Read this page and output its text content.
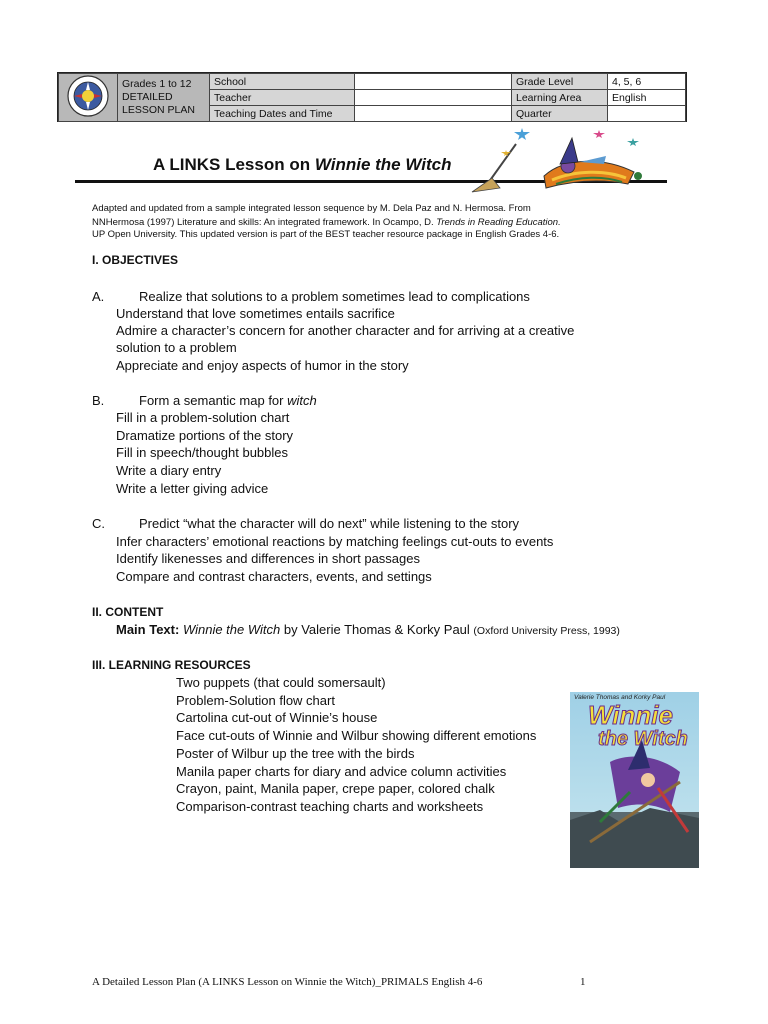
Grades 1 to 12
DETAILED
LESSON PLAN	School		Grade Level	4, 5, 6
		Teacher		Learning Area	English
		Teaching Dates and Time		Quarter	
A LINKS Lesson on Winnie the Witch
Adapted and updated from a sample integrated lesson sequence by M. Dela Paz and N. Hermosa. From
NNHermosa (1997) Literature and skills: An integrated framework. In Ocampo, D. Trends in Reading Education.
UP Open University. This updated version is part of the BEST teacher resource package in English Grades 4-6.
I. OBJECTIVES
A.	Realize that solutions to a problem sometimes lead to complications
Understand that love sometimes entails sacrifice
Admire a character’s concern for another character and for arriving at a creative
solution to a problem
Appreciate and enjoy aspects of humor in the story
B.	Form a semantic map for witch
Fill in a problem-solution chart
Dramatize portions of the story
Fill in speech/thought bubbles
Write a diary entry
Write a letter giving advice
C.	Predict “what the character will do next” while listening to the story
Infer characters’ emotional reactions by matching feelings cut-outs to events
Identify likenesses and differences in short passages
Compare and contrast characters, events, and settings
II. CONTENT
Main Text: Winnie the Witch by Valerie Thomas & Korky Paul (Oxford University Press, 1993)
III. LEARNING RESOURCES
Two puppets (that could somersault)
Problem-Solution flow chart
Cartolina cut-out of Winnie’s house
Face cut-outs of Winnie and Wilbur showing different emotions
Poster of Wilbur up the tree with the birds
Manila paper charts for diary and advice column activities
Crayon, paint, Manila paper, crepe paper, colored chalk
Comparison-contrast teaching charts and worksheets
Valerie Thomas and Korky Paul
Winnie
the Witch
A Detailed Lesson Plan (A LINKS Lesson on Winnie the Witch)_PRIMALS English 4-6	1
